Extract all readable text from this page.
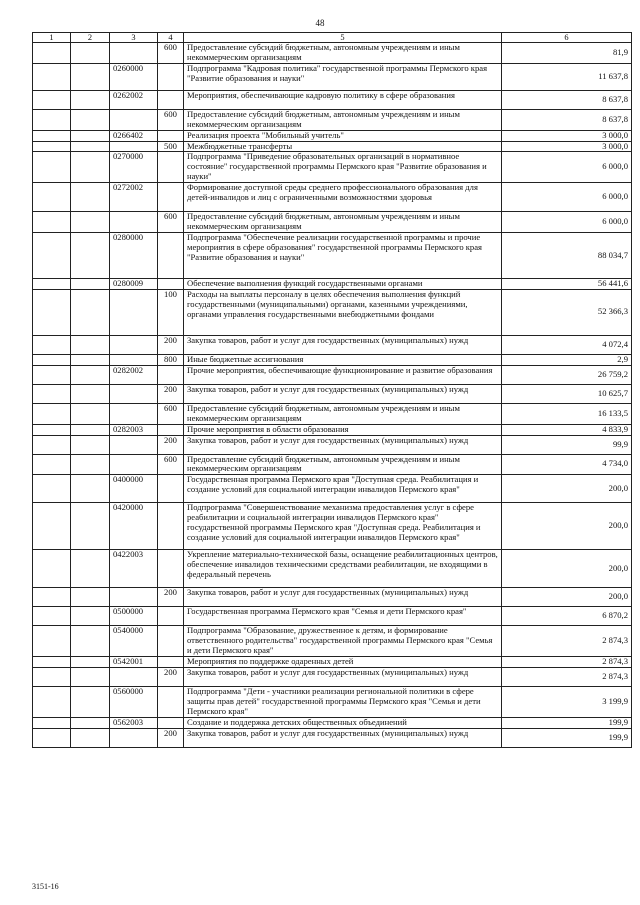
48
1	2	3	4	5	6
			600	Предоставление субсидий бюджетным, автономным учреждениям и иным некоммерческим организациям	81,9
		0260000		Подпрограмма "Кадровая политика" государственной программы Пермского края "Развитие образования и науки"	11 637,8
		0262002		Мероприятия, обеспечивающие кадровую политику в сфере образования	8 637,8
			600	Предоставление субсидий бюджетным, автономным учреждениям и иным некоммерческим организациям	8 637,8
		0266402		Реализация проекта "Мобильный учитель"	3 000,0
			500	Межбюджетные трансферты	3 000,0
		0270000		Подпрограмма "Приведение образовательных организаций в нормативное состояние" государственной программы Пермского края "Развитие образования и науки"	6 000,0
		0272002		Формирование доступной среды среднего профессионального образования для детей-инвалидов и лиц с ограниченными возможностями здоровья	6 000,0
			600	Предоставление субсидий бюджетным, автономным учреждениям и иным некоммерческим организациям	6 000,0
		0280000		Подпрограмма "Обеспечение реализации государственной программы и прочие мероприятия в сфере образования" государственной программы Пермского края "Развитие образования и науки"	88 034,7
		0280009		Обеспечение выполнения функций государственными органами	56 441,6
			100	Расходы на выплаты персоналу в целях обеспечения выполнения функций государственными (муниципальными) органами, казенными учреждениями, органами управления государственными внебюджетными фондами	52 366,3
			200	Закупка товаров, работ и услуг для государственных (муниципальных) нужд	4 072,4
			800	Иные бюджетные ассигнования	2,9
		0282002		Прочие мероприятия, обеспечивающие функционирование и развитие образования	26 759,2
			200	Закупка товаров, работ и услуг для государственных (муниципальных) нужд	10 625,7
			600	Предоставление субсидий бюджетным, автономным учреждениям и иным некоммерческим организациям	16 133,5
		0282003		Прочие мероприятия в области образования	4 833,9
			200	Закупка товаров, работ и услуг для государственных (муниципальных) нужд	99,9
			600	Предоставление субсидий бюджетным, автономным учреждениям и иным некоммерческим организациям	4 734,0
		0400000		Государственная программа Пермского края "Доступная среда. Реабилитация и создание условий для социальной интеграции инвалидов Пермского края"	200,0
		0420000		Подпрограмма "Совершенствование механизма предоставления услуг в сфере реабилитации и социальной интеграции инвалидов Пермского края" государственной программы Пермского края "Доступная среда. Реабилитация и создание условий для социальной интеграции инвалидов Пермского края"	200,0
		0422003		Укрепление материально-технической базы, оснащение реабилитационных центров, обеспечение инвалидов техническими средствами реабилитации, не входящими в федеральный перечень	200,0
			200	Закупка товаров, работ и услуг для государственных (муниципальных) нужд	200,0
		0500000		Государственная программа Пермского края "Семья и дети Пермского края"	6 870,2
		0540000		Подпрограмма "Образование, дружественное к детям, и формирование ответственного родительства" государственной программы Пермского края "Семья и дети Пермского края"	2 874,3
		0542001		Мероприятия по поддержке одаренных детей	2 874,3
			200	Закупка товаров, работ и услуг для государственных (муниципальных) нужд	2 874,3
		0560000		Подпрограмма "Дети - участники реализации региональной политики в сфере защиты прав детей" государственной программы Пермского края "Семья и дети Пермского края"	3 199,9
		0562003		Создание и поддержка детских общественных объединений	199,9
			200	Закупка товаров, работ и услуг для государственных (муниципальных) нужд	199,9
3151-16
